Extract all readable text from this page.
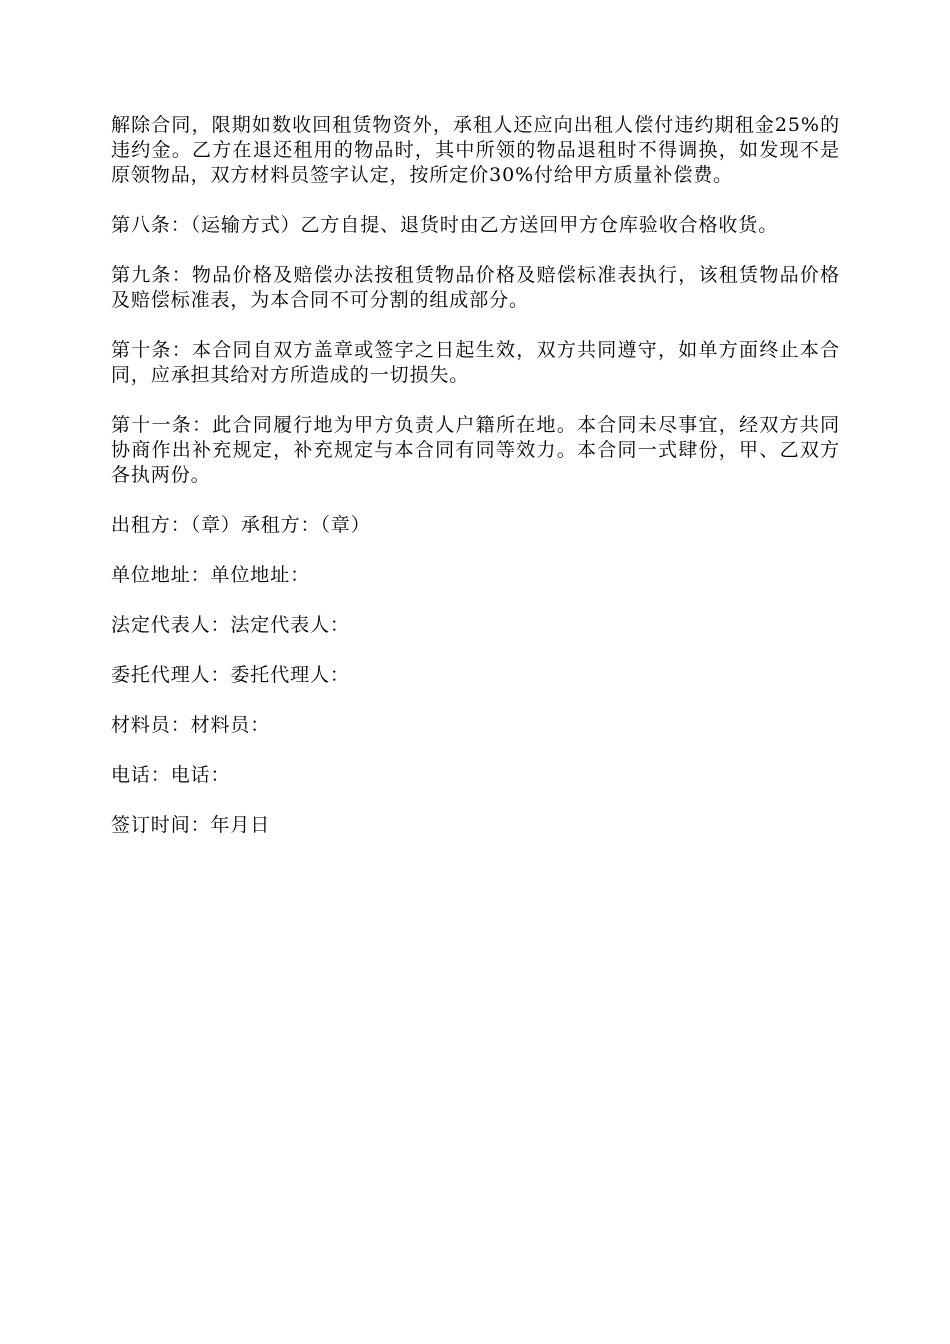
解除合同，限期如数收回租赁物资外，承租人还应向出租人偿付违约期租金25%的违约金。乙方在退还租用的物品时，其中所领的物品退租时不得调换，如发现不是原领物品，双方材料员签字认定，按所定价30%付给甲方质量补偿费。

第八条：（运输方式）乙方自提、退货时由乙方送回甲方仓库验收合格收货。

第九条：物品价格及赔偿办法按租赁物品价格及赔偿标准表执行，该租赁物品价格及赔偿标准表，为本合同不可分割的组成部分。

第十条：本合同自双方盖章或签字之日起生效，双方共同遵守，如单方面终止本合同，应承担其给对方所造成的一切损失。

第十一条：此合同履行地为甲方负责人户籍所在地。本合同未尽事宜，经双方共同协商作出补充规定，补充规定与本合同有同等效力。本合同一式肆份，甲、乙双方各执两份。

出租方：（章）承租方：（章）
单位地址：单位地址：
法定代表人：法定代表人：
委托代理人：委托代理人：
材料员：材料员：
电话：电话：
签订时间：年月日
